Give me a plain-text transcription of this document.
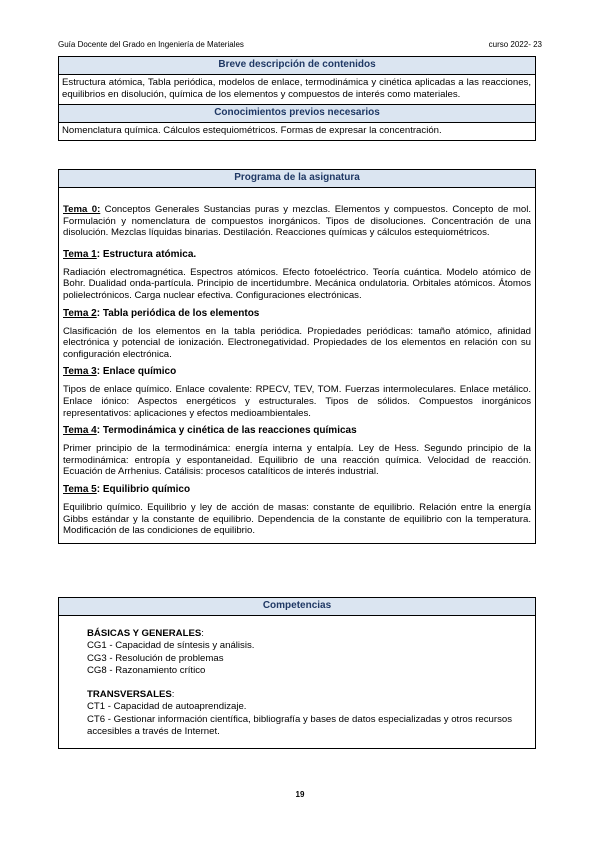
Guía Docente del Grado en Ingeniería de Materiales	curso 2022- 23
Breve descripción de contenidos
Estructura atómica, Tabla periódica, modelos de enlace, termodinámica y cinética aplicadas a las reacciones, equilibrios en disolución, química de los elementos y compuestos de interés como materiales.
Conocimientos previos necesarios
Nomenclatura química. Cálculos estequiométricos. Formas de expresar la concentración.
Programa de la asignatura

Tema 0: Conceptos Generales Sustancias puras y mezclas. Elementos y compuestos. Concepto de mol. Formulación y nomenclatura de compuestos inorgánicos. Tipos de disoluciones. Concentración de una disolución. Mezclas líquidas binarias. Destilación. Reacciones químicas y cálculos estequiométricos.

Tema 1: Estructura atómica.

Radiación electromagnética. Espectros atómicos. Efecto fotoeléctrico. Teoría cuántica. Modelo atómico de Bohr. Dualidad onda-partícula. Principio de incertidumbre. Mecánica ondulatoria. Orbitales atómicos. Átomos polielectrónicos. Carga nuclear efectiva. Configuraciones electrónicas.

Tema 2: Tabla periódica de los elementos

Clasificación de los elementos en la tabla periódica. Propiedades periódicas: tamaño atómico, afinidad electrónica y potencial de ionización. Electronegatividad. Propiedades de los elementos en relación con su configuración electrónica.

Tema 3: Enlace químico

Tipos de enlace químico. Enlace covalente: RPECV, TEV, TOM. Fuerzas intermoleculares. Enlace metálico. Enlace iónico: Aspectos energéticos y estructurales. Tipos de sólidos. Compuestos inorgánicos representativos: aplicaciones y efectos medioambientales.

Tema 4: Termodinámica y cinética de las reacciones químicas

Primer principio de la termodinámica: energía interna y entalpía. Ley de Hess. Segundo principio de la termodinámica: entropía y espontaneidad. Equilibrio de una reacción química. Velocidad de reacción. Ecuación de Arrhenius. Catálisis: procesos catalíticos de interés industrial.

Tema 5: Equilibrio químico

Equilibrio químico. Equilibrio y ley de acción de masas: constante de equilibrio. Relación entre la energía Gibbs estándar y la constante de equilibrio. Dependencia de la constante de equilibrio con la temperatura. Modificación de las condiciones de equilibrio.

Competencias
BÁSICAS Y GENERALES:
CG1 - Capacidad de síntesis y análisis.
CG3 - Resolución de problemas
CG8 - Razonamiento crítico
TRANSVERSALES:
CT1 - Capacidad de autoaprendizaje.
CT6 - Gestionar información científica, bibliografía y bases de datos especializadas y otros recursos accesibles a través de Internet.
19
